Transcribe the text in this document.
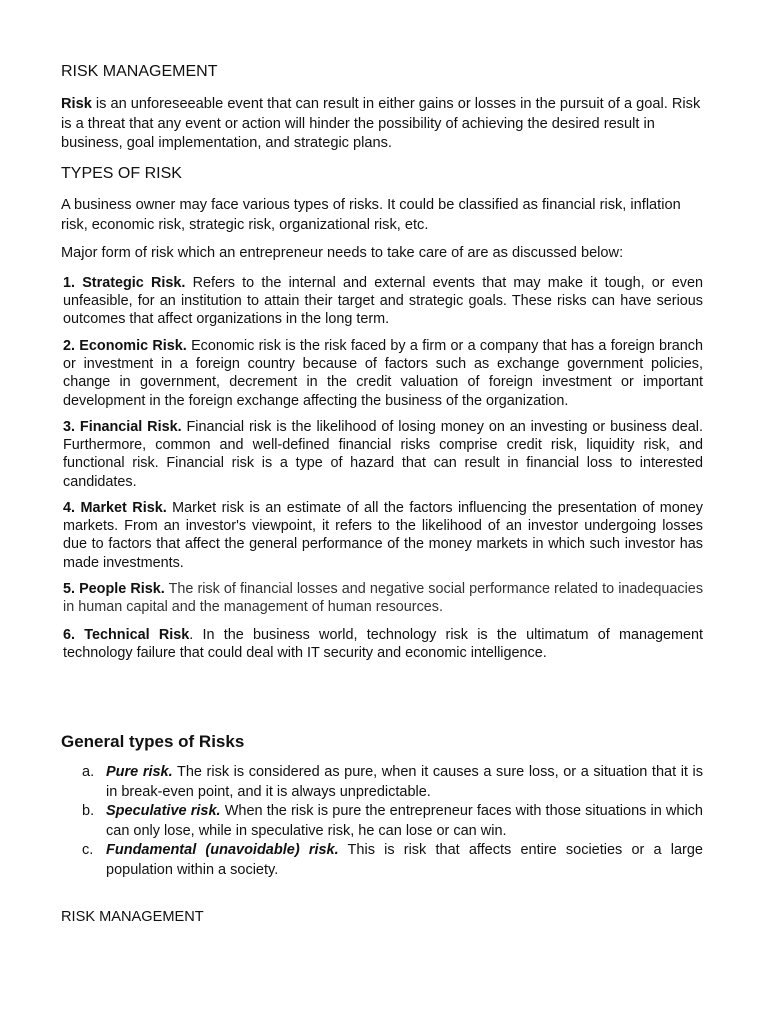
RISK MANAGEMENT

Risk is an unforeseeable event that can result in either gains or losses in the pursuit of a goal. Risk is a threat that any event or action will hinder the possibility of achieving the desired result in business, goal implementation, and strategic plans.

TYPES OF RISK

A business owner may face various types of risks. It could be classified as financial risk, inflation risk, economic risk, strategic risk, organizational risk, etc.

Major form of risk which an entrepreneur needs to take care of are as discussed below:

1. Strategic Risk. Refers to the internal and external events that may make it tough, or even unfeasible, for an institution to attain their target and strategic goals. These risks can have serious outcomes that affect organizations in the long term.

2. Economic Risk. Economic risk is the risk faced by a firm or a company that has a foreign branch or investment in a foreign country because of factors such as exchange government policies, change in government, decrement in the credit valuation of foreign investment or important development in the foreign exchange affecting the business of the organization.

3. Financial Risk. Financial risk is the likelihood of losing money on an investing or business deal. Furthermore, common and well-defined financial risks comprise credit risk, liquidity risk, and functional risk. Financial risk is a type of hazard that can result in financial loss to interested candidates.

4. Market Risk. Market risk is an estimate of all the factors influencing the presentation of money markets. From an investor's viewpoint, it refers to the likelihood of an investor undergoing losses due to factors that affect the general performance of the money markets in which such investor has made investments.

5. People Risk. The risk of financial losses and negative social performance related to inadequacies in human capital and the management of human resources.

6. Technical Risk. In the business world, technology risk is the ultimatum of management technology failure that could deal with IT security and economic intelligence.

General types of Risks
a. Pure risk. The risk is considered as pure, when it causes a sure loss, or a situation that it is in break-even point, and it is always unpredictable.
b. Speculative risk. When the risk is pure the entrepreneur faces with those situations in which can only lose, while in speculative risk, he can lose or can win.
c. Fundamental (unavoidable) risk. This is risk that affects entire societies or a large population within a society.

RISK MANAGEMENT
